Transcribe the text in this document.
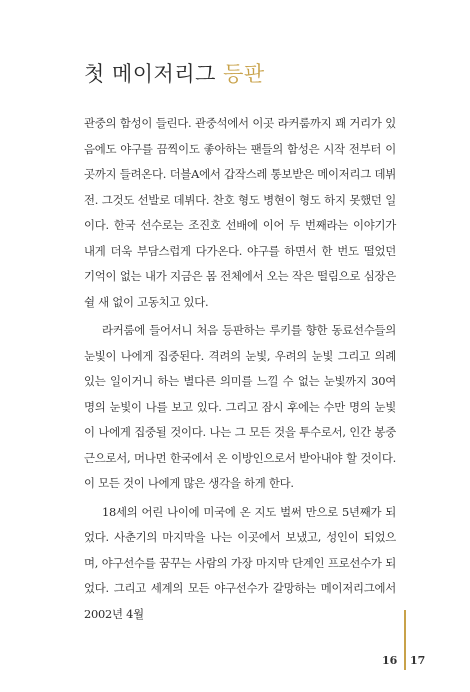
첫 메이저리그 등판

관중의 함성이 들린다. 관중석에서 이곳 라커룸까지 꽤 거리가 있음에도 야구를 끔찍이도 좋아하는 팬들의 함성은 시작 전부터 이곳까지 들려온다. 더블A에서 갑작스레 통보받은 메이저리그 데뷔전. 그것도 선발로 데뷔다. 찬호 형도 병현이 형도 하지 못했던 일이다. 한국 선수로는 조진호 선배에 이어 두 번째라는 이야기가 내게 더욱 부담스럽게 다가온다. 야구를 하면서 한 번도 떨었던 기억이 없는 내가 지금은 몸 전체에서 오는 작은 떨림으로 심장은 쉴 새 없이 고동치고 있다.

라커룸에 들어서니 처음 등판하는 루키를 향한 동료선수들의 눈빛이 나에게 집중된다. 격려의 눈빛, 우려의 눈빛 그리고 의례 있는 일이거니 하는 별다른 의미를 느낄 수 없는 눈빛까지 30여 명의 눈빛이 나를 보고 있다. 그리고 잠시 후에는 수만 명의 눈빛이 나에게 집중될 것이다. 나는 그 모든 것을 투수로서, 인간 봉중근으로서, 머나먼 한국에서 온 이방인으로서 받아내야 할 것이다. 이 모든 것이 나에게 많은 생각을 하게 한다.

18세의 어린 나이에 미국에 온 지도 벌써 만으로 5년째가 되었다. 사춘기의 마지막을 나는 이곳에서 보냈고, 성인이 되었으며, 야구선수를 꿈꾸는 사람의 가장 마지막 단계인 프로선수가 되었다. 그리고 세계의 모든 야구선수가 갈망하는 메이저리그에서 2002년 4월

16 17
